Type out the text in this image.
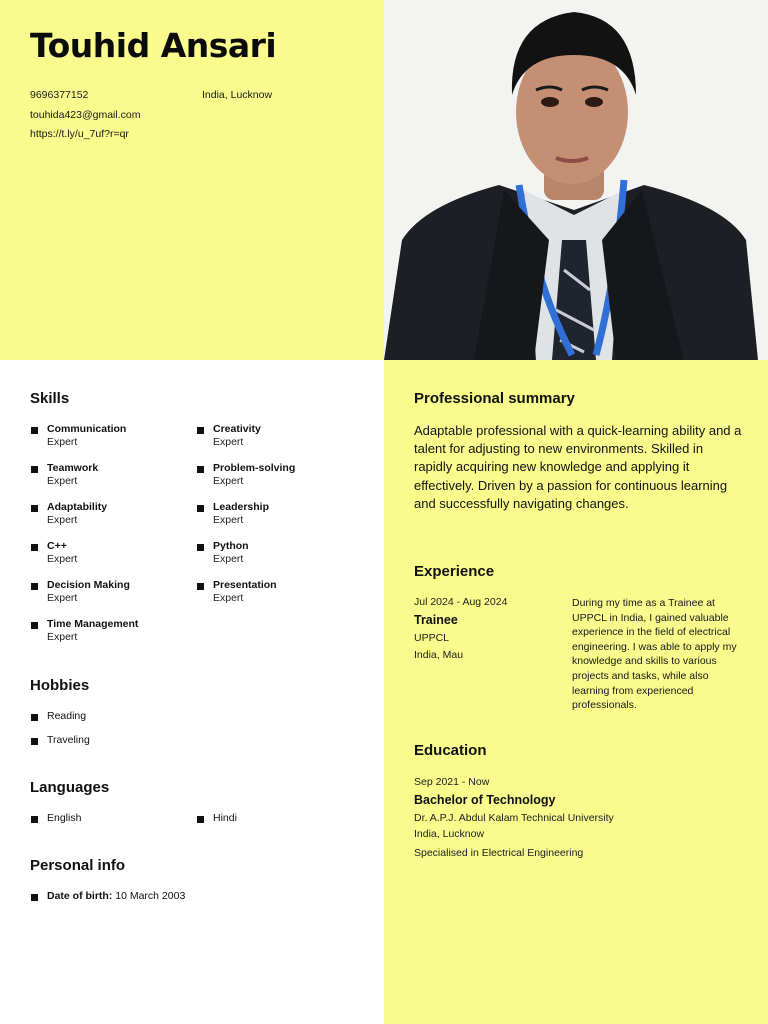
Touhid Ansari
9696377152	India, Lucknow
touhida423@gmail.com
https://t.ly/u_7uf?r=qr
Skills
Communication
Expert
Creativity
Expert
Teamwork
Expert
Problem-solving
Expert
Adaptability
Expert
Leadership
Expert
C++
Expert
Python
Expert
Decision Making
Expert
Presentation
Expert
Time Management
Expert
Hobbies
Reading
Traveling
Languages
English	Hindi
Personal info
Date of birth: 10 March 2003
Professional summary

Adaptable professional with a quick-learning ability and a talent for adjusting to new environments. Skilled in rapidly acquiring new knowledge and applying it effectively. Driven by a passion for continuous learning and successfully navigating changes.

Experience
Jul 2024 - Aug 2024
Trainee
UPPCL
India, Mau

During my time as a Trainee at UPPCL in India, I gained valuable experience in the field of electrical engineering. I was able to apply my knowledge and skills to various projects and tasks, while also learning from experienced professionals.

Education
Sep 2021 - Now
Bachelor of Technology
Dr. A.P.J. Abdul Kalam Technical University
India, Lucknow
Specialised in Electrical Engineering
